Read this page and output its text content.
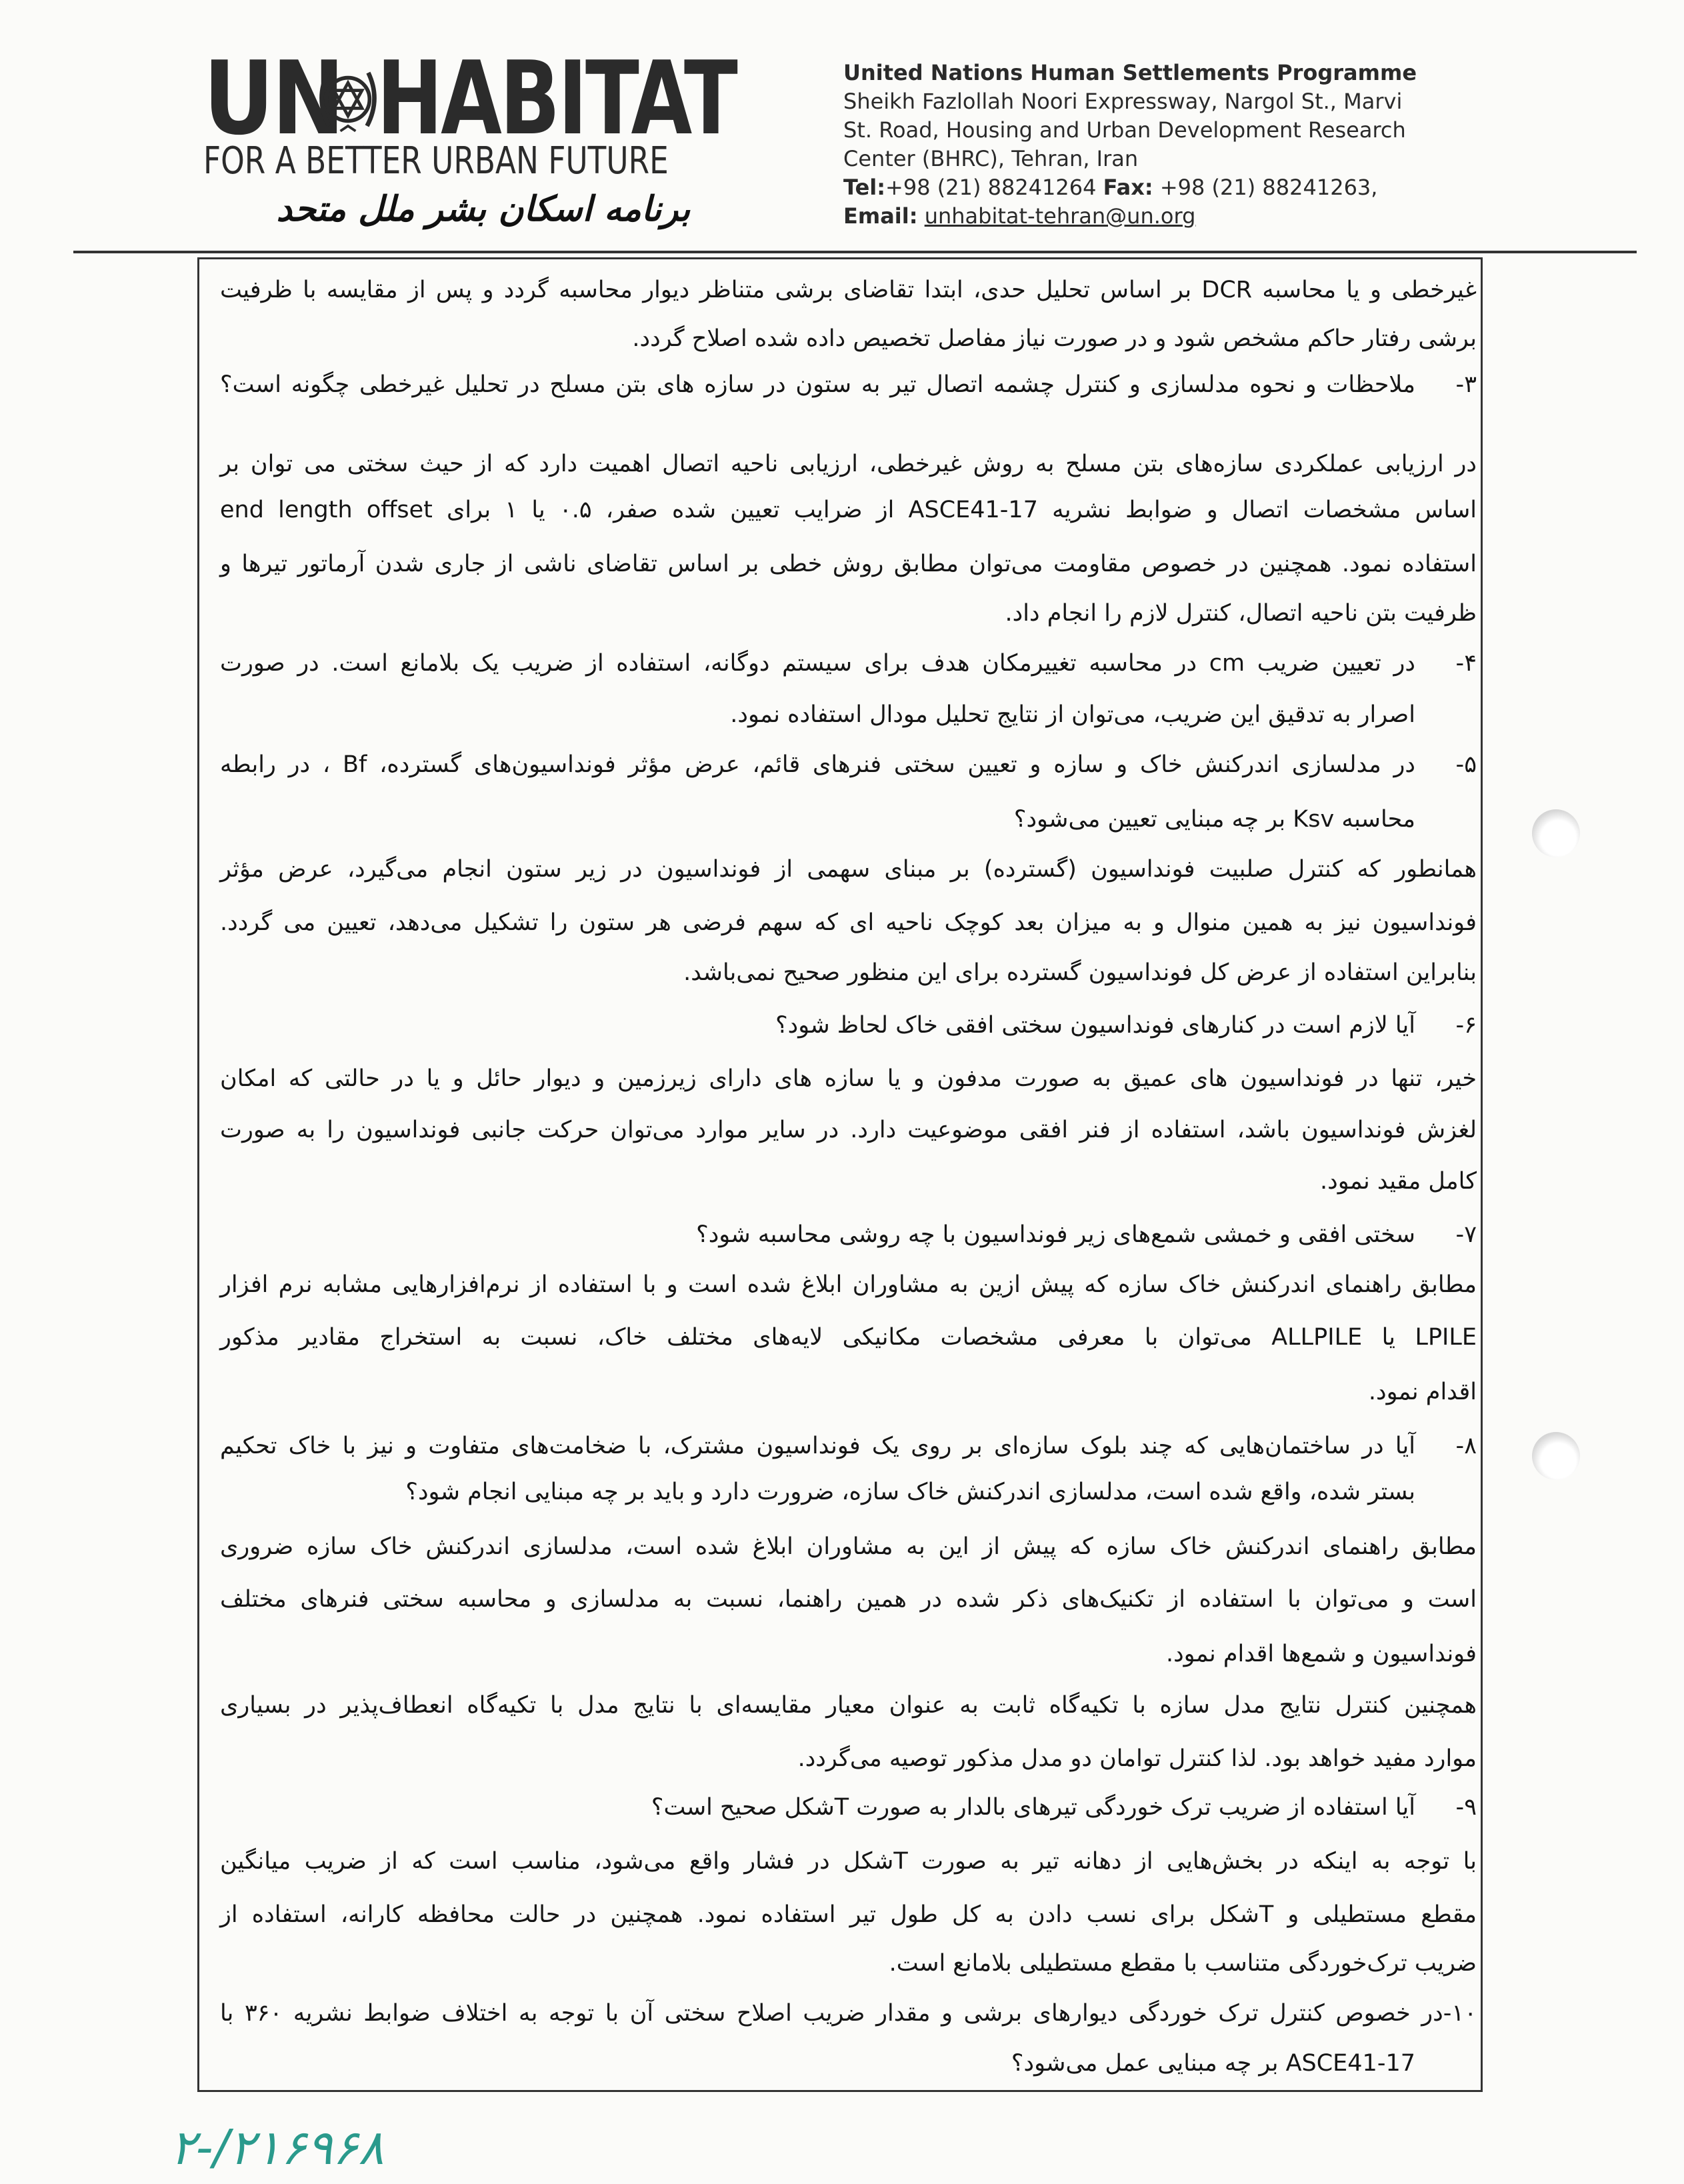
UN HABITAT
FOR A BETTER URBAN FUTURE
برنامه اسکان بشر ملل متحد
United Nations Human Settlements Programme
Sheikh Fazlollah Noori Expressway, Nargol St., Marvi
St. Road, Housing and Urban Development Research
Center (BHRC), Tehran, Iran
Tel:+98 (21) 88241264 Fax: +98 (21) 88241263,
Email: unhabitat-tehran@un.org
غیرخطی و یا محاسبه DCR بر اساس تحلیل حدی، ابتدا تقاضای برشی متناظر دیوار محاسبه گردد و پس از مقایسه با ظرفیت
برشی رفتار حاکم مشخص شود و در صورت نیاز مفاصل تخصیص داده شده اصلاح گردد.
۳-
ملاحظات و نحوه مدلسازی و کنترل چشمه اتصال تیر به ستون در سازه های بتن مسلح در تحلیل غیرخطی چگونه است؟
در ارزیابی عملکردی سازه‌های بتن مسلح به روش غیرخطی، ارزیابی ناحیه اتصال اهمیت دارد که از حیث سختی می توان بر
اساس مشخصات اتصال و ضوابط نشریه ASCE41-17 از ضرایب تعیین شده صفر، ۰.۵ یا ۱ برای end length offset
استفاده نمود. همچنین در خصوص مقاومت می‌توان مطابق روش خطی بر اساس تقاضای ناشی از جاری شدن آرماتور تیرها و
ظرفیت بتن ناحیه اتصال، کنترل لازم را انجام داد.
۴-
در تعیین ضریب cm در محاسبه تغییرمکان هدف برای سیستم دوگانه، استفاده از ضریب یک بلامانع است. در صورت
اصرار به تدقیق این ضریب، می‌توان از نتایج تحلیل مودال استفاده نمود.
۵-
در مدلسازی اندرکنش خاک و سازه و تعیین سختی فنرهای قائم، عرض مؤثر فونداسیون‌های گسترده، Bf ، در رابطه
محاسبه Ksv بر چه مبنایی تعیین می‌شود؟
همانطور که کنترل صلبیت فونداسیون (گسترده) بر مبنای سهمی از فونداسیون در زیر ستون انجام می‌گیرد، عرض مؤثر
فونداسیون نیز به همین منوال و به میزان بعد کوچک ناحیه ای که سهم فرضی هر ستون را تشکیل می‌دهد، تعیین می گردد.
بنابراین استفاده از عرض کل فونداسیون گسترده برای این منظور صحیح نمی‌باشد.
۶-
آیا لازم است در کنارهای فونداسیون سختی افقی خاک لحاظ شود؟
خیر، تنها در فونداسیون های عمیق به صورت مدفون و یا سازه های دارای زیرزمین و دیوار حائل و یا در حالتی که امکان
لغزش فونداسیون باشد، استفاده از فنر افقی موضوعیت دارد. در سایر موارد می‌توان حرکت جانبی فونداسیون را به صورت
کامل مقید نمود.
۷-
سختی افقی و خمشی شمع‌های زیر فونداسیون با چه روشی محاسبه شود؟
مطابق راهنمای اندرکنش خاک سازه که پیش ازین به مشاوران ابلاغ شده است و با استفاده از نرم‌افزارهایی مشابه نرم افزار
LPILE یا ALLPILE می‌توان با معرفی مشخصات مکانیکی لایه‌های مختلف خاک، نسبت به استخراج مقادیر مذکور
اقدام نمود.
۸-
آیا در ساختمان‌هایی که چند بلوک سازه‌ای بر روی یک فونداسیون مشترک، با ضخامت‌های متفاوت و نیز با خاک تحکیم
بستر شده، واقع شده است، مدلسازی اندرکنش خاک سازه، ضرورت دارد و باید بر چه مبنایی انجام شود؟
مطابق راهنمای اندرکنش خاک سازه که پیش از این به مشاوران ابلاغ شده است، مدلسازی اندرکنش خاک سازه ضروری
است و می‌توان با استفاده از تکنیک‌های ذکر شده در همین راهنما، نسبت به مدلسازی و محاسبه سختی فنرهای مختلف
فونداسیون و شمع‌ها اقدام نمود.
همچنین کنترل نتایج مدل سازه با تکیه‌گاه ثابت به عنوان معیار مقایسه‌ای با نتایج مدل با تکیه‌گاه انعطاف‌پذیر در بسیاری
موارد مفید خواهد بود. لذا کنترل توامان دو مدل مذکور توصیه می‌گردد.
۹-
آیا استفاده از ضریب ترک خوردگی تیرهای بالدار به صورت Tشکل صحیح است؟
با توجه به اینکه در بخش‌هایی از دهانه تیر به صورت Tشکل در فشار واقع می‌شود، مناسب است که از ضریب میانگین
مقطع مستطیلی و Tشکل برای نسب دادن به کل طول تیر استفاده نمود. همچنین در حالت محافظه کارانه، استفاده از
ضریب ترک‌خوردگی متناسب با مقطع مستطیلی بلامانع است.
۱۰-در خصوص کنترل ترک خوردگی دیوارهای برشی و مقدار ضریب اصلاح سختی آن با توجه به اختلاف ضوابط نشریه ۳۶۰ با
ASCE41-17 بر چه مبنایی عمل می‌شود؟
۲۱۶۹۶۸/-۲
